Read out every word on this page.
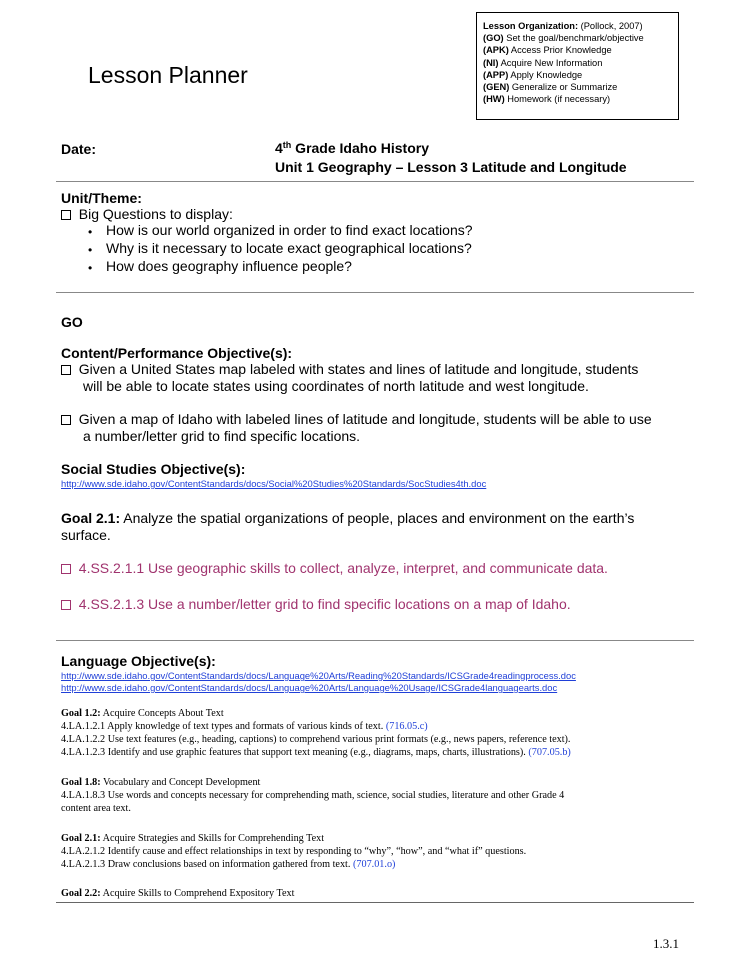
Lesson Planner
Lesson Organization: (Pollock, 2007)
(GO) Set the goal/benchmark/objective
(APK) Access Prior Knowledge
(NI) Acquire New Information
(APP) Apply Knowledge
(GEN) Generalize or Summarize
(HW) Homework (if necessary)
Date:	4th Grade Idaho History
Unit 1 Geography – Lesson 3 Latitude and Longitude
Unit/Theme:
Big Questions to display:
• How is our world organized in order to find exact locations?
• Why is it necessary to locate exact geographical locations?
• How does geography influence people?
GO
Content/Performance Objective(s):
Given a United States map labeled with states and lines of latitude and longitude, students
will be able to locate states using coordinates of north latitude and west longitude.
Given a map of Idaho with labeled lines of latitude and longitude, students will be able to use
a number/letter grid to find specific locations.
Social Studies Objective(s):
http://www.sde.idaho.gov/ContentStandards/docs/Social%20Studies%20Standards/SocStudies4th.doc
Goal 2.1: Analyze the spatial organizations of people, places and environment on the earth’s
surface.
4.SS.2.1.1 Use geographic skills to collect, analyze, interpret, and communicate data.
4.SS.2.1.3 Use a number/letter grid to find specific locations on a map of Idaho.
Language Objective(s):
http://www.sde.idaho.gov/ContentStandards/docs/Language%20Arts/Reading%20Standards/ICSGrade4readingprocess.doc
http://www.sde.idaho.gov/ContentStandards/docs/Language%20Arts/Language%20Usage/ICSGrade4languagearts.doc
Goal 1.2: Acquire Concepts About Text
4.LA.1.2.1 Apply knowledge of text types and formats of various kinds of text. (716.05.c)
4.LA.1.2.2 Use text features (e.g., heading, captions) to comprehend various print formats (e.g., news papers, reference text).
4.LA.1.2.3 Identify and use graphic features that support text meaning (e.g., diagrams, maps, charts, illustrations). (707.05.b)
Goal 1.8: Vocabulary and Concept Development
4.LA.1.8.3 Use words and concepts necessary for comprehending math, science, social studies, literature and other Grade 4
content area text.
Goal 2.1: Acquire Strategies and Skills for Comprehending Text
4.LA.2.1.2 Identify cause and effect relationships in text by responding to “why”, “how”, and “what if” questions.
4.LA.2.1.3 Draw conclusions based on information gathered from text. (707.01.o)
Goal 2.2: Acquire Skills to Comprehend Expository Text
1.3.1
